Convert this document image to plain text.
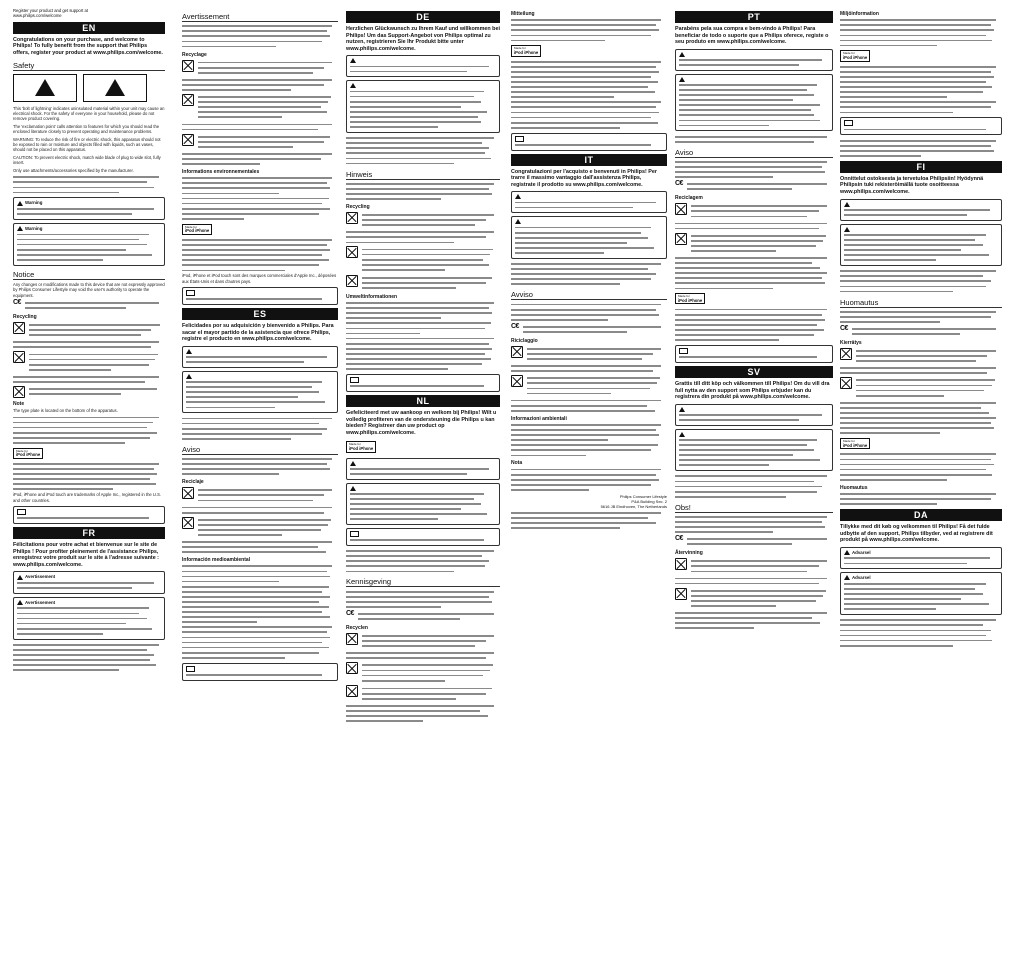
Register your product and get support at
www.philips.com/welcome
EN
Congratulations on your purchase, and welcome to Philips! To fully benefit from the support that Philips offers, register your product at www.philips.com/welcome.
Safety

This 'bolt of lightning' indicates uninsulated material within your unit may cause an electrical shock. For the safety of everyone in your household, please do not remove product covering.

The 'exclamation point' calls attention to features for which you should read the enclosed literature closely to prevent operating and maintenance problems.

WARNING: To reduce the risk of fire or electric shock, this apparatus should not be exposed to rain or moisture and objects filled with liquids, such as vases, should not be placed on this apparatus.

CAUTION: To prevent electric shock, match wide blade of plug to wide slot, fully insert.

Only use attachments/accessories specified by the manufacturer.

Warning
Warning
Notice

Any changes or modifications made to this device that are not expressly approved by Philips Consumer Lifestyle may void the user's authority to operate the equipment.

C€
Recycling
Note

The type plate is located on the bottom of the apparatus.

Made for
iPod iPhone

iPod, iPhone and iPod touch are trademarks of Apple Inc., registered in the U.S. and other countries.

FR
Félicitations pour votre achat et bienvenue sur le site de Philips ! Pour profiter pleinement de l'assistance Philips, enregistrez votre produit sur le site à l'adresse suivante : www.philips.com/welcome.
Avertissement
Avertissement
Avertissement
Recyclage
Informations environnementales
Made for
iPod iPhone

iPod, iPhone et iPod touch sont des marques commerciales d'Apple Inc., déposées aux États-Unis et dans d'autres pays.

ES
Felicidades por su adquisición y bienvenido a Philips. Para sacar el mayor partido de la asistencia que ofrece Philips, registre el producto en www.philips.com/welcome.
Aviso
Reciclaje
Información medioambiental
DE
Herzlichen Glückwunsch zu Ihrem Kauf und willkommen bei Philips! Um das Support-Angebot von Philips optimal zu nutzen, registrieren Sie Ihr Produkt bitte unter www.philips.com/welcome.
Hinweis
Recycling
Umweltinformationen
NL
Gefeliciteerd met uw aankoop en welkom bij Philips! Wilt u volledig profiteren van de ondersteuning die Philips u kan bieden? Registreer dan uw product op www.philips.com/welcome.
Made for
iPod iPhone
Kennisgeving
C€
Recyclen
Mitteilung
Made for
iPod iPhone
IT
Congratulazioni per l'acquisto e benvenuti in Philips! Per trarre il massimo vantaggio dall'assistenza Philips, registrate il prodotto su www.philips.com/welcome.
Avviso
C€
Riciclaggio
Informazioni ambientali
Nota
Philips Consumer Lifestyle
P&A Building Sec. 2
5616 JB Eindhoven, The Netherlands
PT
Parabéns pela sua compra e bem-vindo à Philips! Para beneficiar de todo o suporte que a Philips oferece, registe o seu produto em www.philips.com/welcome.
Aviso
C€
Reciclagem
Made for
iPod iPhone
SV
Grattis till ditt köp och välkommen till Philips! Om du vill dra full nytta av den support som Philips erbjuder kan du registrera din produkt på www.philips.com/welcome.
Obs!
C€
Återvinning
Miljöinformation
Made for
iPod iPhone
FI
Onnittelut ostoksesta ja tervetuloa Philipsiin! Hyödynnä Philipsin tuki rekisteröimällä tuote osoitteessa www.philips.com/welcome.
Huomautus
C€
Kierrätys
Made for
iPod iPhone
Huomautus
DA
Tillykke med dit køb og velkommen til Philips! Få det fulde udbytte af den support, Philips tilbyder, ved at registrere dit produkt på www.philips.com/welcome.
Advarsel
Advarsel
